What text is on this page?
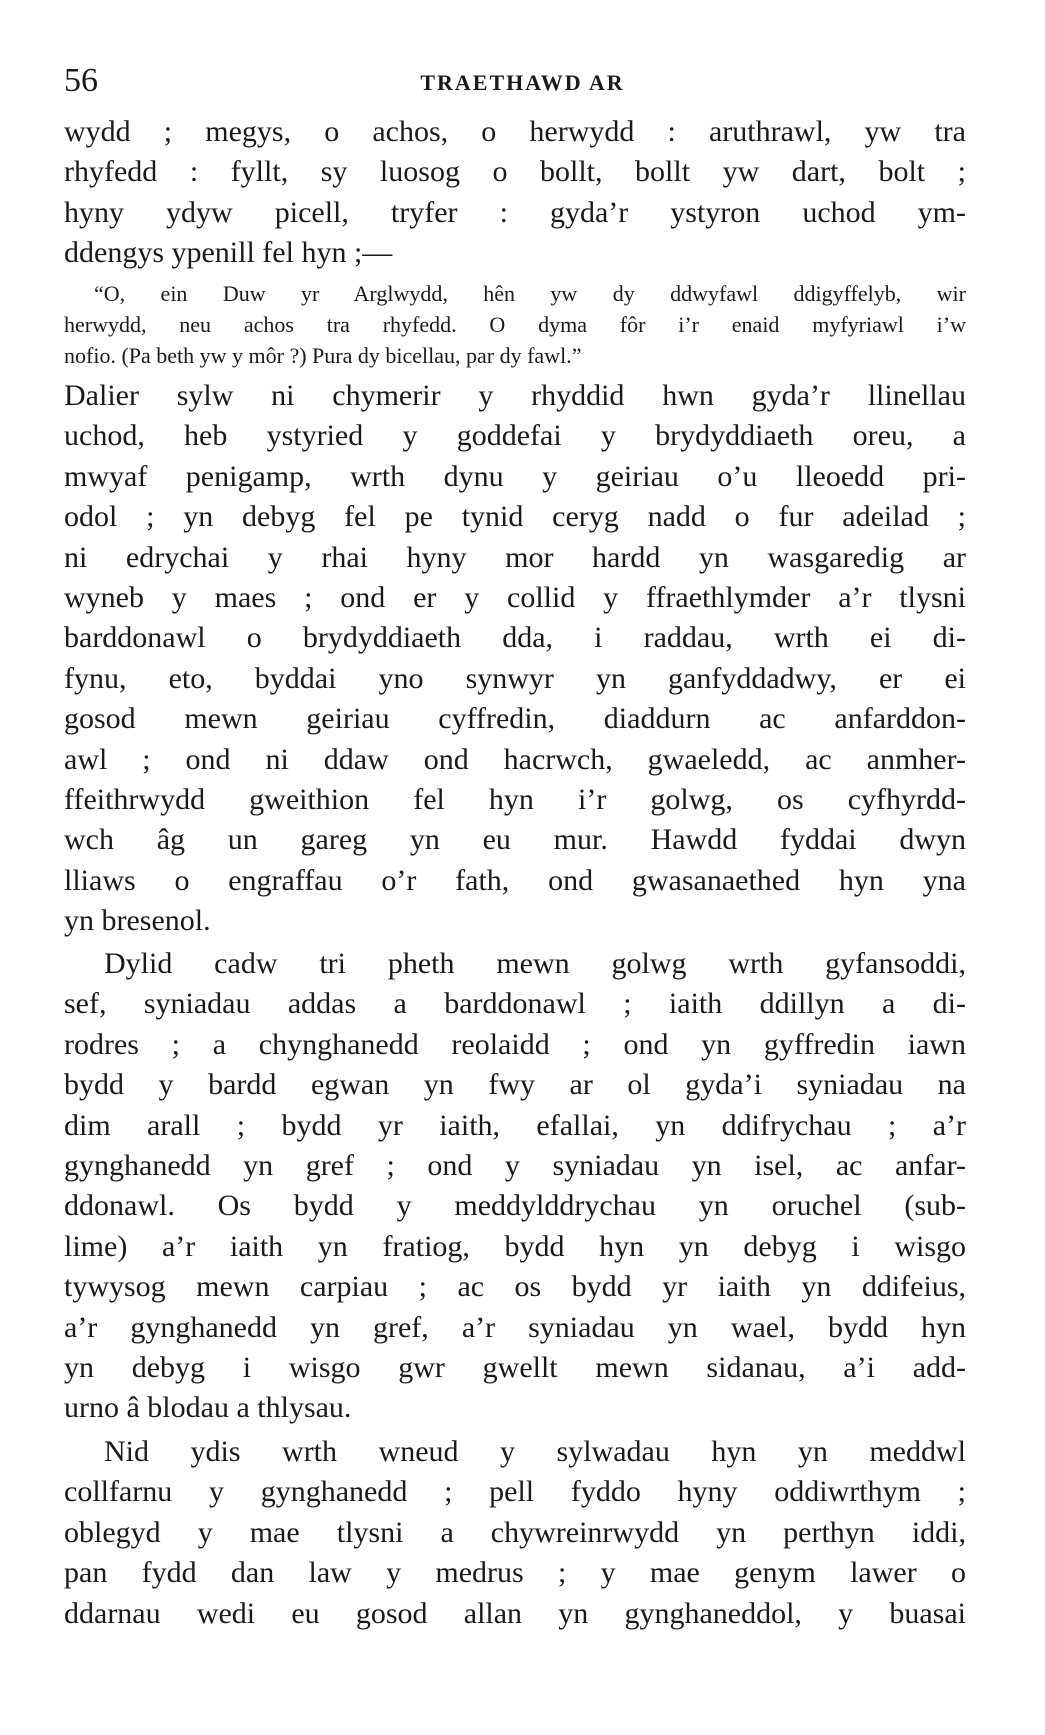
56	TRAETHAWD AR
wydd ; megys, o achos, o herwydd : aruthrawl, yw tra
rhyfedd : fyllt, sy luosog o bollt, bollt yw dart, bolt ;
hyny ydyw picell, tryfer : gyda’r ystyron uchod ym-
ddengys ypenill fel hyn ;—
“O, ein Duw yr Arglwydd, hên yw dy ddwyfawl ddigyffelyb, wir
herwydd, neu achos tra rhyfedd. O dyma fôr i’r enaid myfyriawl i’w
nofio. (Pa beth yw y môr ?) Pura dy bicellau, par dy fawl.”
Dalier sylw ni chymerir y rhyddid hwn gyda’r llinellau
uchod, heb ystyried y goddefai y brydyddiaeth oreu, a
mwyaf penigamp, wrth dynu y geiriau o’u lleoedd pri-
odol ; yn debyg fel pe tynid ceryg nadd o fur adeilad ;
ni edrychai y rhai hyny mor hardd yn wasgaredig ar
wyneb y maes ; ond er y collid y ffraethlymder a’r tlysni
barddonawl o brydyddiaeth dda, i raddau, wrth ei di-
fynu, eto, byddai yno synwyr yn ganfyddadwy, er ei
gosod mewn geiriau cyffredin, diaddurn ac anfarddon-
awl ; ond ni ddaw ond hacrwch, gwaeledd, ac anmher-
ffeithrwydd gweithion fel hyn i’r golwg, os cyfhyrdd-
wch âg un gareg yn eu mur. Hawdd fyddai dwyn
lliaws o engraffau o’r fath, ond gwasanaethed hyn yna
yn bresenol.
Dylid cadw tri pheth mewn golwg wrth gyfansoddi,
sef, syniadau addas a barddonawl ; iaith ddillyn a di-
rodres ; a chynghanedd reolaidd ; ond yn gyffredin iawn
bydd y bardd egwan yn fwy ar ol gyda’i syniadau na
dim arall ; bydd yr iaith, efallai, yn ddifrychau ; a’r
gynghanedd yn gref ; ond y syniadau yn isel, ac anfar-
ddonawl. Os bydd y meddylddrychau yn oruchel (sub-
lime) a’r iaith yn fratiog, bydd hyn yn debyg i wisgo
tywysog mewn carpiau ; ac os bydd yr iaith yn ddifeius,
a’r gynghanedd yn gref, a’r syniadau yn wael, bydd hyn
yn debyg i wisgo gwr gwellt mewn sidanau, a’i add-
urno â blodau a thlysau.
Nid ydis wrth wneud y sylwadau hyn yn meddwl
collfarnu y gynghanedd ; pell fyddo hyny oddiwrthym ;
oblegyd y mae tlysni a chywreinrwydd yn perthyn iddi,
pan fydd dan law y medrus ; y mae genym lawer o
ddarnau wedi eu gosod allan yn gynghaneddol, y buasai
